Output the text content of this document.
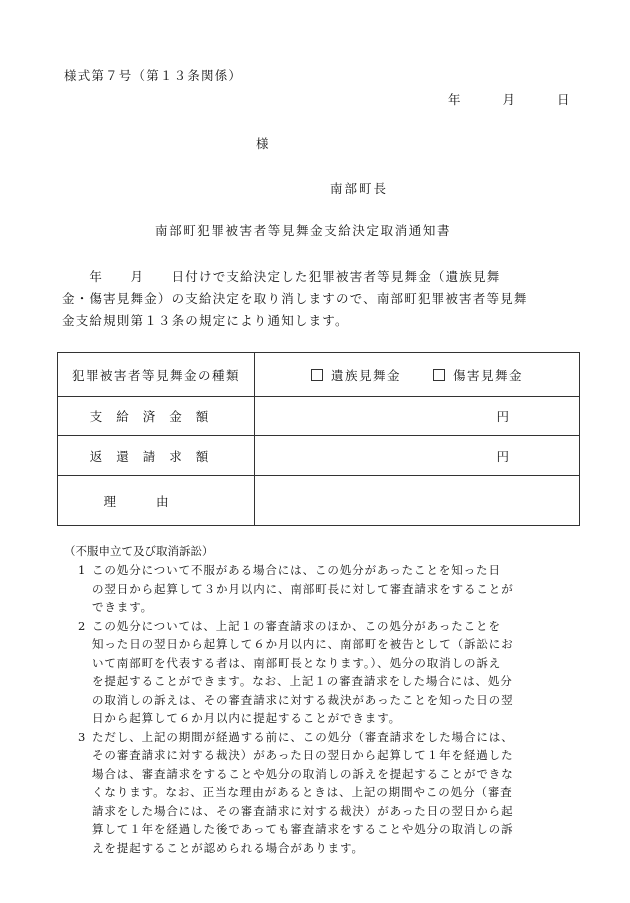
様式第７号（第１３条関係）
年	月	日
様
南部町長
南部町犯罪被害者等見舞金支給決定取消通知書
　　年　　月　　日付けで支給決定した犯罪被害者等見舞金（遺族見舞
金・傷害見舞金）の支給決定を取り消しますので、南部町犯罪被害者等見舞
金支給規則第１３条の規定により通知します。
犯罪被害者等見舞金の種類	遺族見舞金 傷害見舞金
支給済金額	円
返還請求額	円
理由	
（不服申立て及び取消訴訟）
1 この処分について不服がある場合には、この処分があったことを知った日
の翌日から起算して３か月以内に、南部町長に対して審査請求をすることが
できます。
2 この処分については、上記１の審査請求のほか、この処分があったことを
知った日の翌日から起算して６か月以内に、南部町を被告として（訴訟にお
いて南部町を代表する者は、南部町長となります。）、処分の取消しの訴え
を提起することができます。なお、上記１の審査請求をした場合には、処分
の取消しの訴えは、その審査請求に対する裁決があったことを知った日の翌
日から起算して６か月以内に提起することができます。
3 ただし、上記の期間が経過する前に、この処分（審査請求をした場合には、
その審査請求に対する裁決）があった日の翌日から起算して１年を経過した
場合は、審査請求をすることや処分の取消しの訴えを提起することができな
くなります。なお、正当な理由があるときは、上記の期間やこの処分（審査
請求をした場合には、その審査請求に対する裁決）があった日の翌日から起
算して１年を経過した後であっても審査請求をすることや処分の取消しの訴
えを提起することが認められる場合があります。
